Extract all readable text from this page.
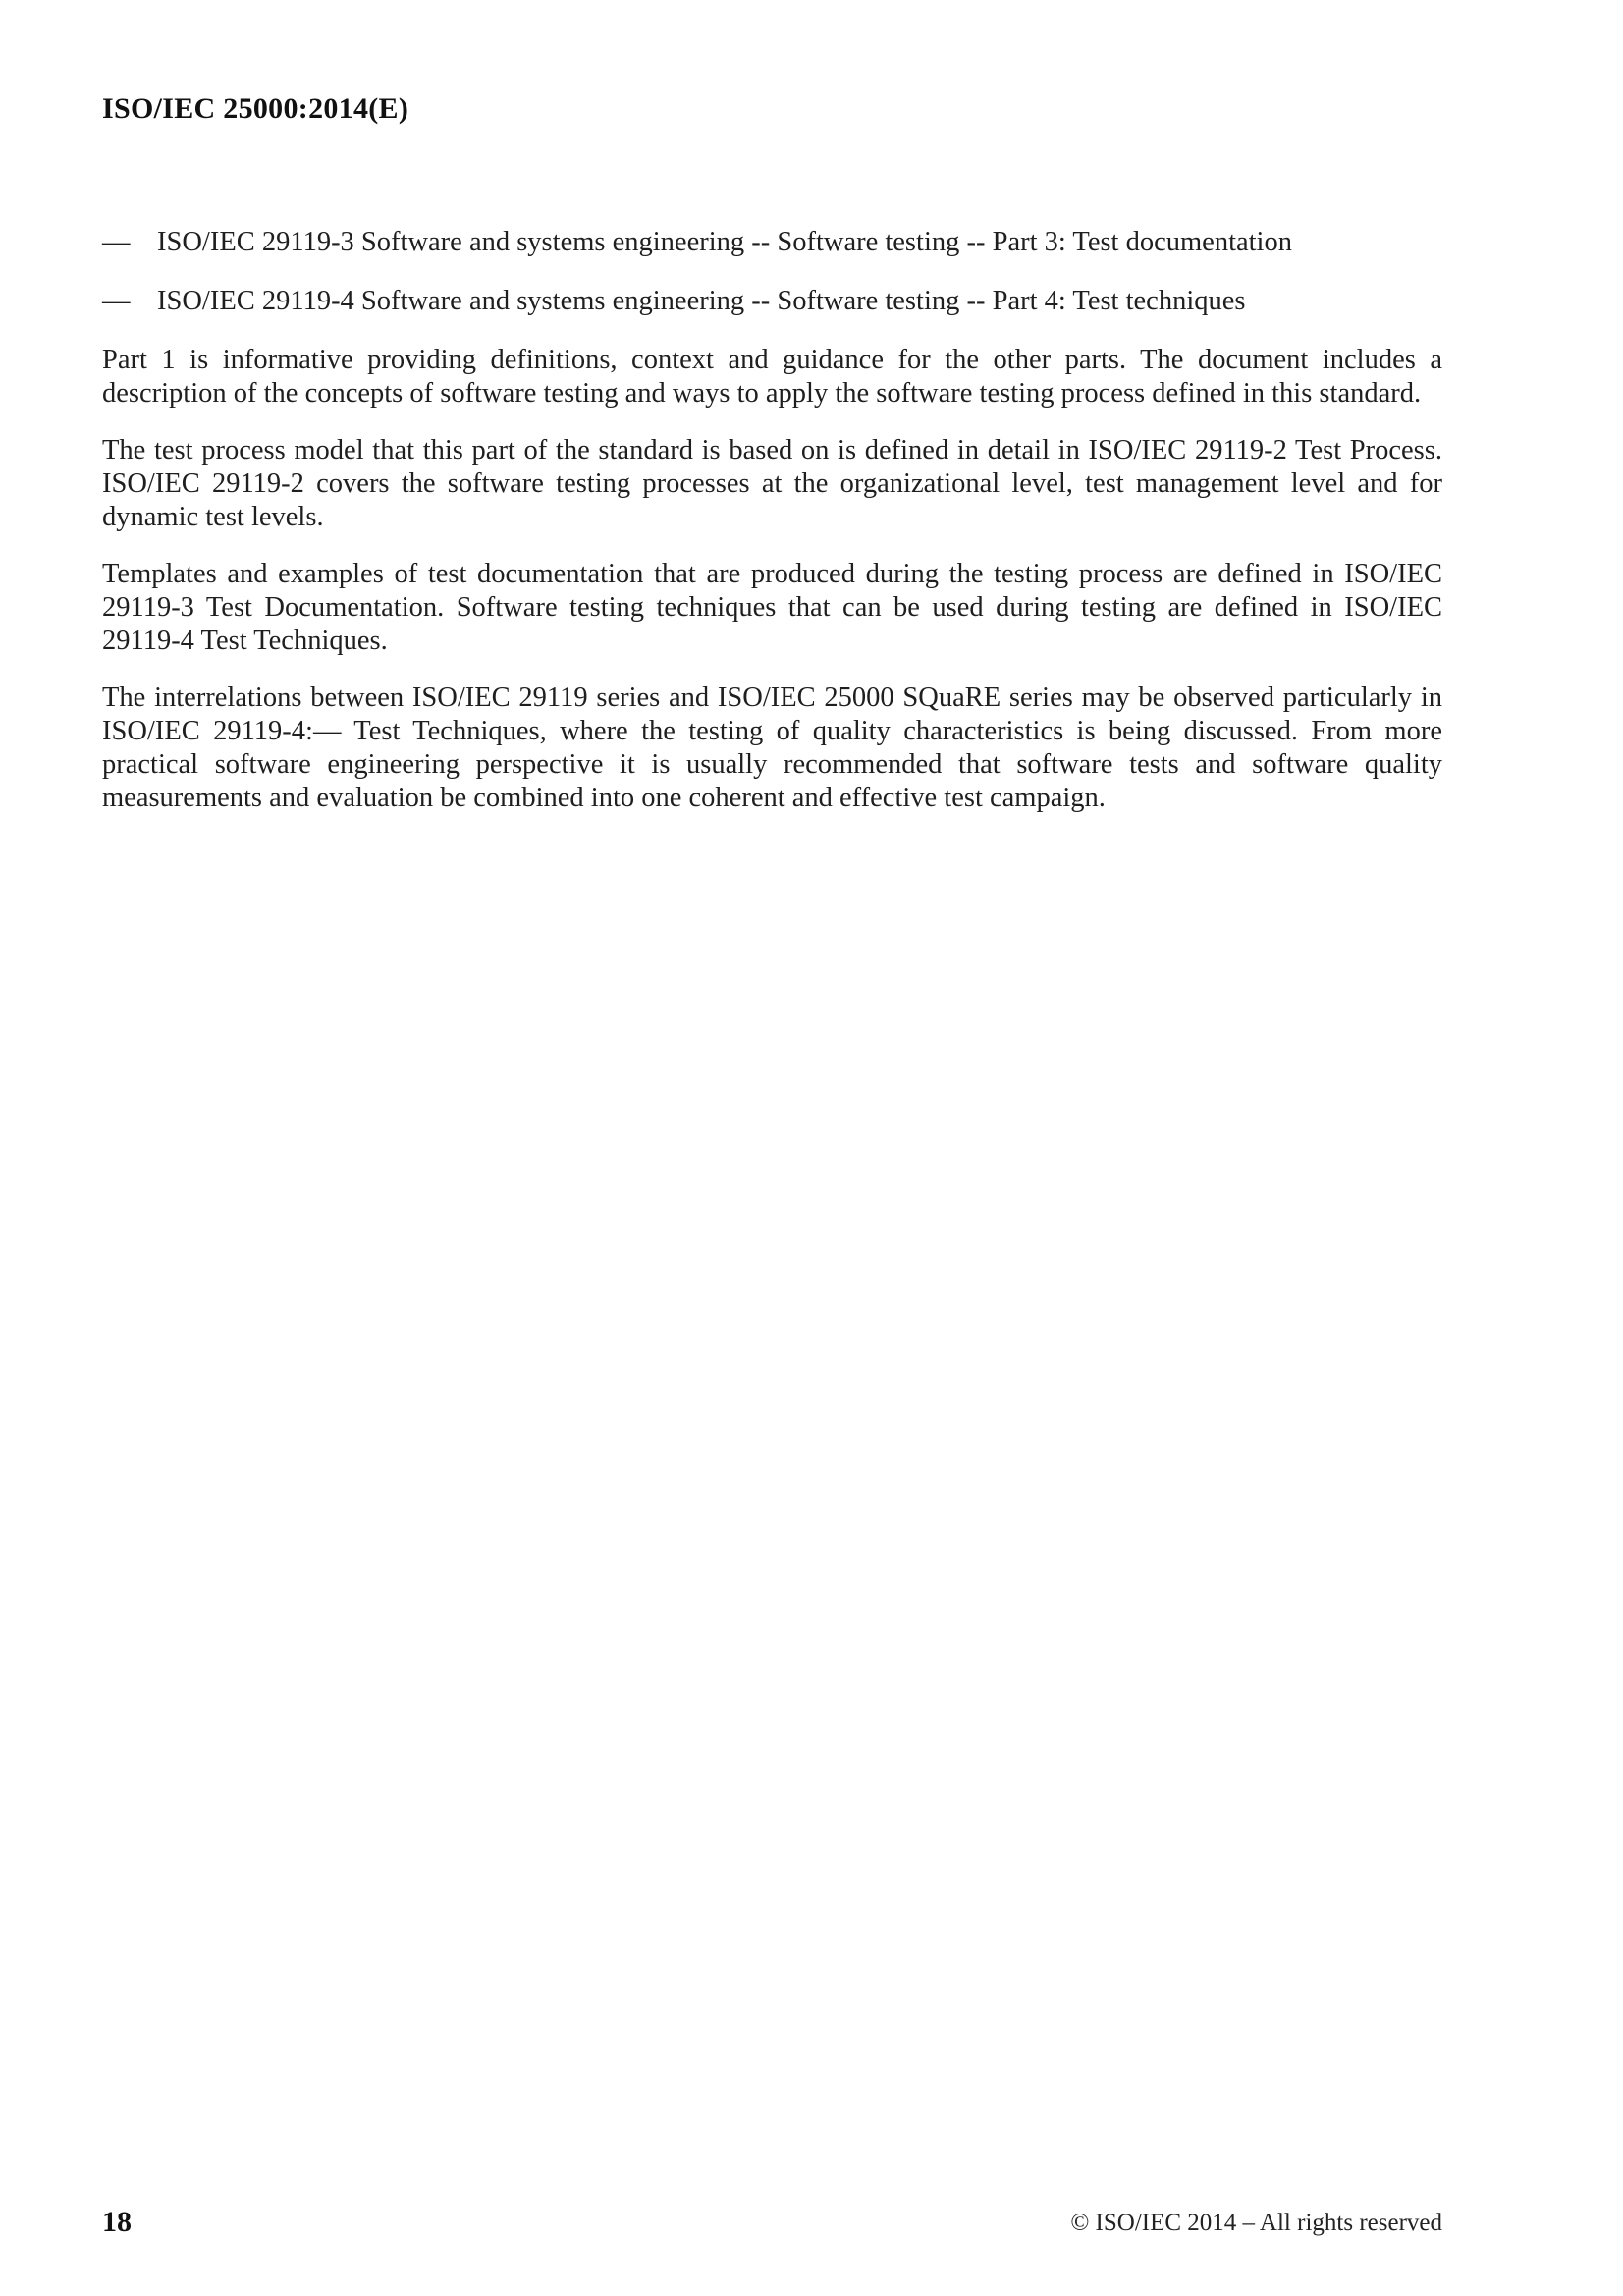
ISO/IEC 25000:2014(E)
— ISO/IEC 29119-3 Software and systems engineering -- Software testing -- Part 3: Test documentation
— ISO/IEC 29119-4 Software and systems engineering -- Software testing -- Part 4: Test techniques

Part 1 is informative providing definitions, context and guidance for the other parts. The document includes a description of the concepts of software testing and ways to apply the software testing process defined in this standard.

The test process model that this part of the standard is based on is defined in detail in ISO/IEC 29119-2 Test Process. ISO/IEC 29119-2 covers the software testing processes at the organizational level, test management level and for dynamic test levels.

Templates and examples of test documentation that are produced during the testing process are defined in ISO/IEC 29119-3 Test Documentation. Software testing techniques that can be used during testing are defined in ISO/IEC 29119-4 Test Techniques.

The interrelations between ISO/IEC 29119 series and ISO/IEC 25000 SQuaRE series may be observed particularly in ISO/IEC 29119-4:— Test Techniques, where the testing of quality characteristics is being discussed. From more practical software engineering perspective it is usually recommended that software tests and software quality measurements and evaluation be combined into one coherent and effective test campaign.

18	© ISO/IEC 2014 – All rights reserved
